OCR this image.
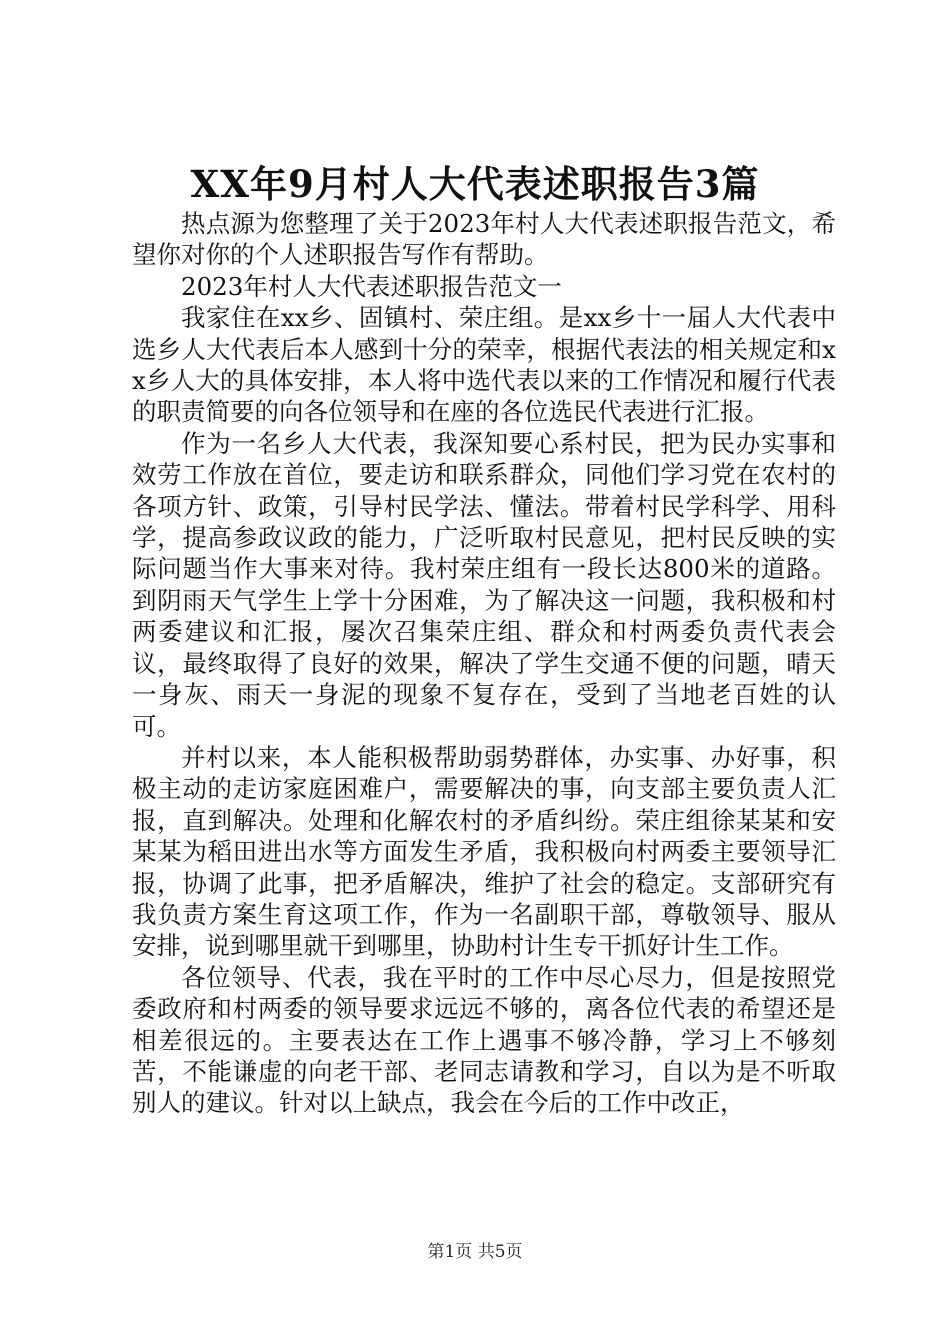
XX年9月村人大代表述职报告3篇

热点源为您整理了关于2023年村人大代表述职报告范文，希望你对你的个人述职报告写作有帮助。

2023年村人大代表述职报告范文一

我家住在xx乡、固镇村、荣庄组。是xx乡十一届人大代表中选乡人大代表后本人感到十分的荣幸，根据代表法的相关规定和xx乡人大的具体安排，本人将中选代表以来的工作情况和履行代表的职责简要的向各位领导和在座的各位选民代表进行汇报。

作为一名乡人大代表，我深知要心系村民，把为民办实事和效劳工作放在首位，要走访和联系群众，同他们学习党在农村的各项方针、政策，引导村民学法、懂法。带着村民学科学、用科学，提高参政议政的能力，广泛听取村民意见，把村民反映的实际问题当作大事来对待。我村荣庄组有一段长达800米的道路。到阴雨天气学生上学十分困难，为了解决这一问题，我积极和村两委建议和汇报，屡次召集荣庄组、群众和村两委负责代表会议，最终取得了良好的效果，解决了学生交通不便的问题，晴天一身灰、雨天一身泥的现象不复存在，受到了当地老百姓的认可。

并村以来，本人能积极帮助弱势群体，办实事、办好事，积极主动的走访家庭困难户，需要解决的事，向支部主要负责人汇报，直到解决。处理和化解农村的矛盾纠纷。荣庄组徐某某和安某某为稻田进出水等方面发生矛盾，我积极向村两委主要领导汇报，协调了此事，把矛盾解决，维护了社会的稳定。支部研究有我负责方案生育这项工作，作为一名副职干部，尊敬领导、服从安排，说到哪里就干到哪里，协助村计生专干抓好计生工作。

各位领导、代表，我在平时的工作中尽心尽力，但是按照党委政府和村两委的领导要求远远不够的，离各位代表的希望还是相差很远的。主要表达在工作上遇事不够冷静，学习上不够刻苦，不能谦虚的向老干部、老同志请教和学习，自以为是不听取别人的建议。针对以上缺点，我会在今后的工作中改正，

第1页 共5页
